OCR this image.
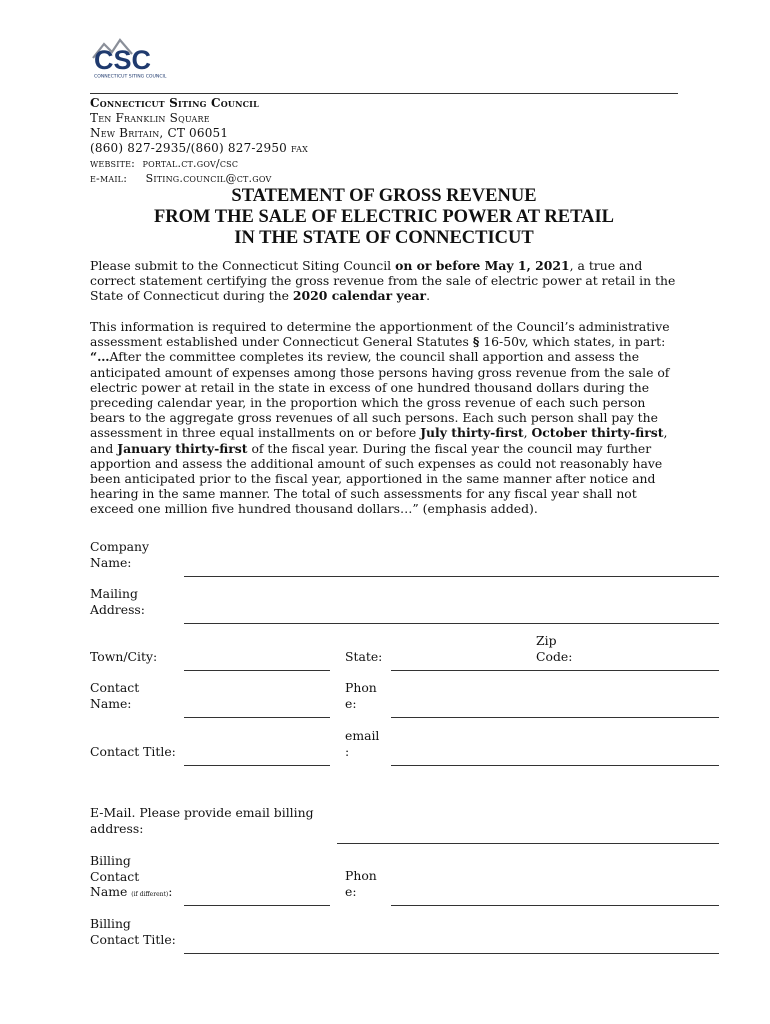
CSC
CONNECTICUT SITING COUNCIL
Connecticut Siting Council
Ten Franklin Square
New Britain, CT 06051
(860) 827-2935/(860) 827-2950 fax
website: portal.ct.gov/csc
e-mail: Siting.council@ct.gov
STATEMENT OF GROSS REVENUE
FROM THE SALE OF ELECTRIC POWER AT RETAIL
IN THE STATE OF CONNECTICUT
Please submit to the Connecticut Siting Council on or before May 1, 2021, a true and correct statement certifying the gross revenue from the sale of electric power at retail in the State of Connecticut during the 2020 calendar year.
This information is required to determine the apportionment of the Council’s administrative assessment established under Connecticut General Statutes § 16-50v, which states, in part: “…After the committee completes its review, the council shall apportion and assess the anticipated amount of expenses among those persons having gross revenue from the sale of electric power at retail in the state in excess of one hundred thousand dollars during the preceding calendar year, in the proportion which the gross revenue of each such person bears to the aggregate gross revenues of all such persons. Each such person shall pay the assessment in three equal installments on or before July thirty-first, October thirty-first, and January thirty-first of the fiscal year. During the fiscal year the council may further apportion and assess the additional amount of such expenses as could not reasonably have been anticipated prior to the fiscal year, apportioned in the same manner after notice and hearing in the same manner. The total of such assessments for any fiscal year shall not exceed one million five hundred thousand dollars…” (emphasis added).
Company
Name:
Mailing
Address:
Town/City:	State:
Zip
Code:
Contact
Name:
Phon
e:
Contact Title:
email
:
E-Mail. Please provide email billing
address:
Billing
Contact
Name (if different):
Phon
e:
Billing
Contact Title:
